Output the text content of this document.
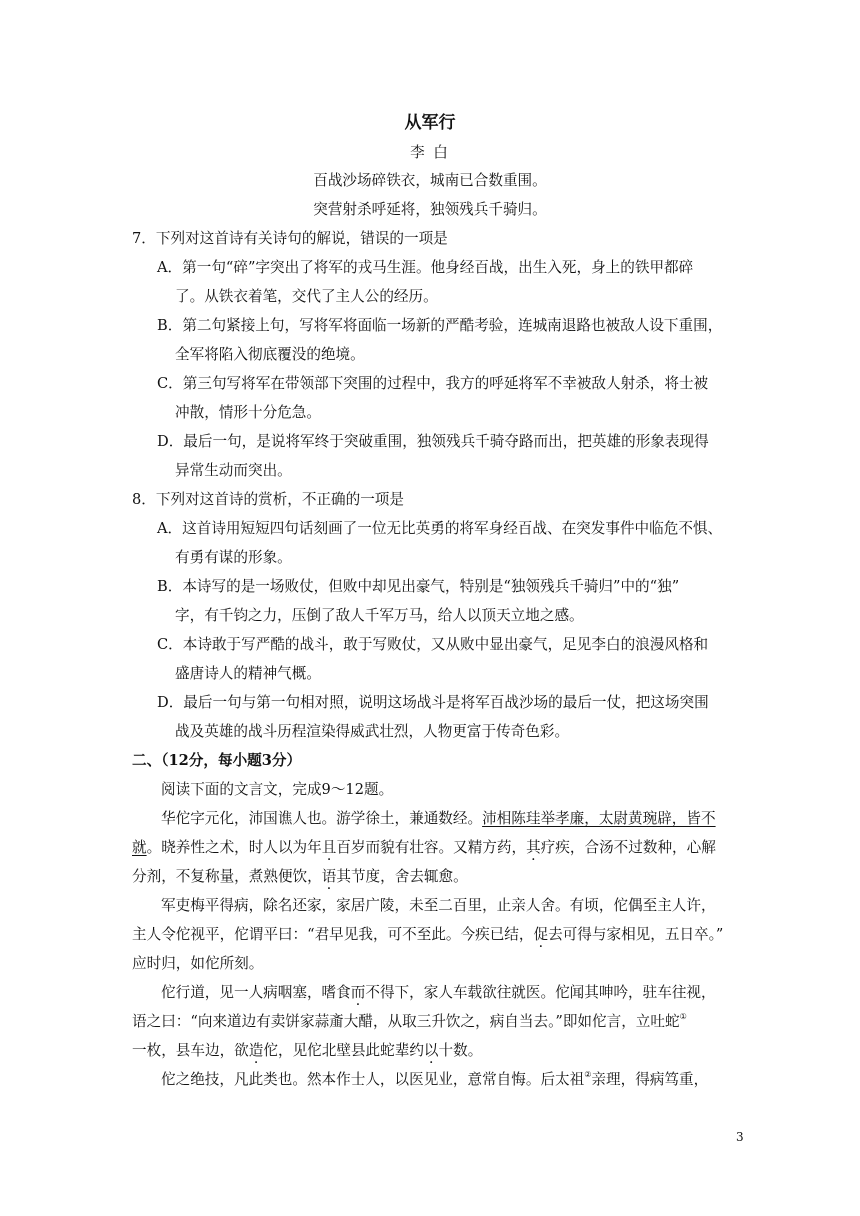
从军行
李 白
百战沙场碎铁衣，城南已合数重围。
突营射杀呼延将，独领残兵千骑归。
7．下列对这首诗有关诗句的解说，错误的一项是
A．第一句“碎”字突出了将军的戎马生涯。他身经百战，出生入死，身上的铁甲都碎
了。从铁衣着笔，交代了主人公的经历。
B．第二句紧接上句，写将军将面临一场新的严酷考验，连城南退路也被敌人设下重围，
全军将陷入彻底覆没的绝境。
C．第三句写将军在带领部下突围的过程中，我方的呼延将军不幸被敌人射杀，将士被
冲散，情形十分危急。
D．最后一句，是说将军终于突破重围，独领残兵千骑夺路而出，把英雄的形象表现得
异常生动而突出。
8．下列对这首诗的赏析，不正确的一项是
A．这首诗用短短四句话刻画了一位无比英勇的将军身经百战、在突发事件中临危不惧、
有勇有谋的形象。
B．本诗写的是一场败仗，但败中却见出豪气，特别是“独领残兵千骑归”中的“独”
字，有千钧之力，压倒了敌人千军万马，给人以顶天立地之感。
C．本诗敢于写严酷的战斗，敢于写败仗，又从败中显出豪气，足见李白的浪漫风格和
盛唐诗人的精神气概。
D．最后一句与第一句相对照，说明这场战斗是将军百战沙场的最后一仗，把这场突围
战及英雄的战斗历程渲染得威武壮烈，人物更富于传奇色彩。
二、（12分，每小题3分）
阅读下面的文言文，完成9～12题。
华佗字元化，沛国谯人也。游学徐土，兼通数经。沛相陈珪举孝廉，太尉黄琬辟，皆不
就。晓养性之术，时人以为年且百岁而貌有壮容。又精方药，其疗疾，合汤不过数种，心解
分剂，不复称量，煮熟便饮，语其节度，舍去辄愈。
军吏梅平得病，除名还家，家居广陵，未至二百里，止亲人舍。有顷，佗偶至主人许，
主人令佗视平，佗谓平曰：“君早见我，可不至此。今疾已结，促去可得与家相见，五日卒。”
应时归，如佗所刻。
佗行道，见一人病咽塞，嗜食而不得下，家人车载欲往就医。佗闻其呻吟，驻车往视，
语之曰：“向来道边有卖饼家蒜齑大醋，从取三升饮之，病自当去。”即如佗言，立吐蛇①
一枚，县车边，欲造佗，见佗北壁县此蛇辈约以十数。
佗之绝技，凡此类也。然本作士人，以医见业，意常自悔。后太祖②亲理，得病笃重，
3
